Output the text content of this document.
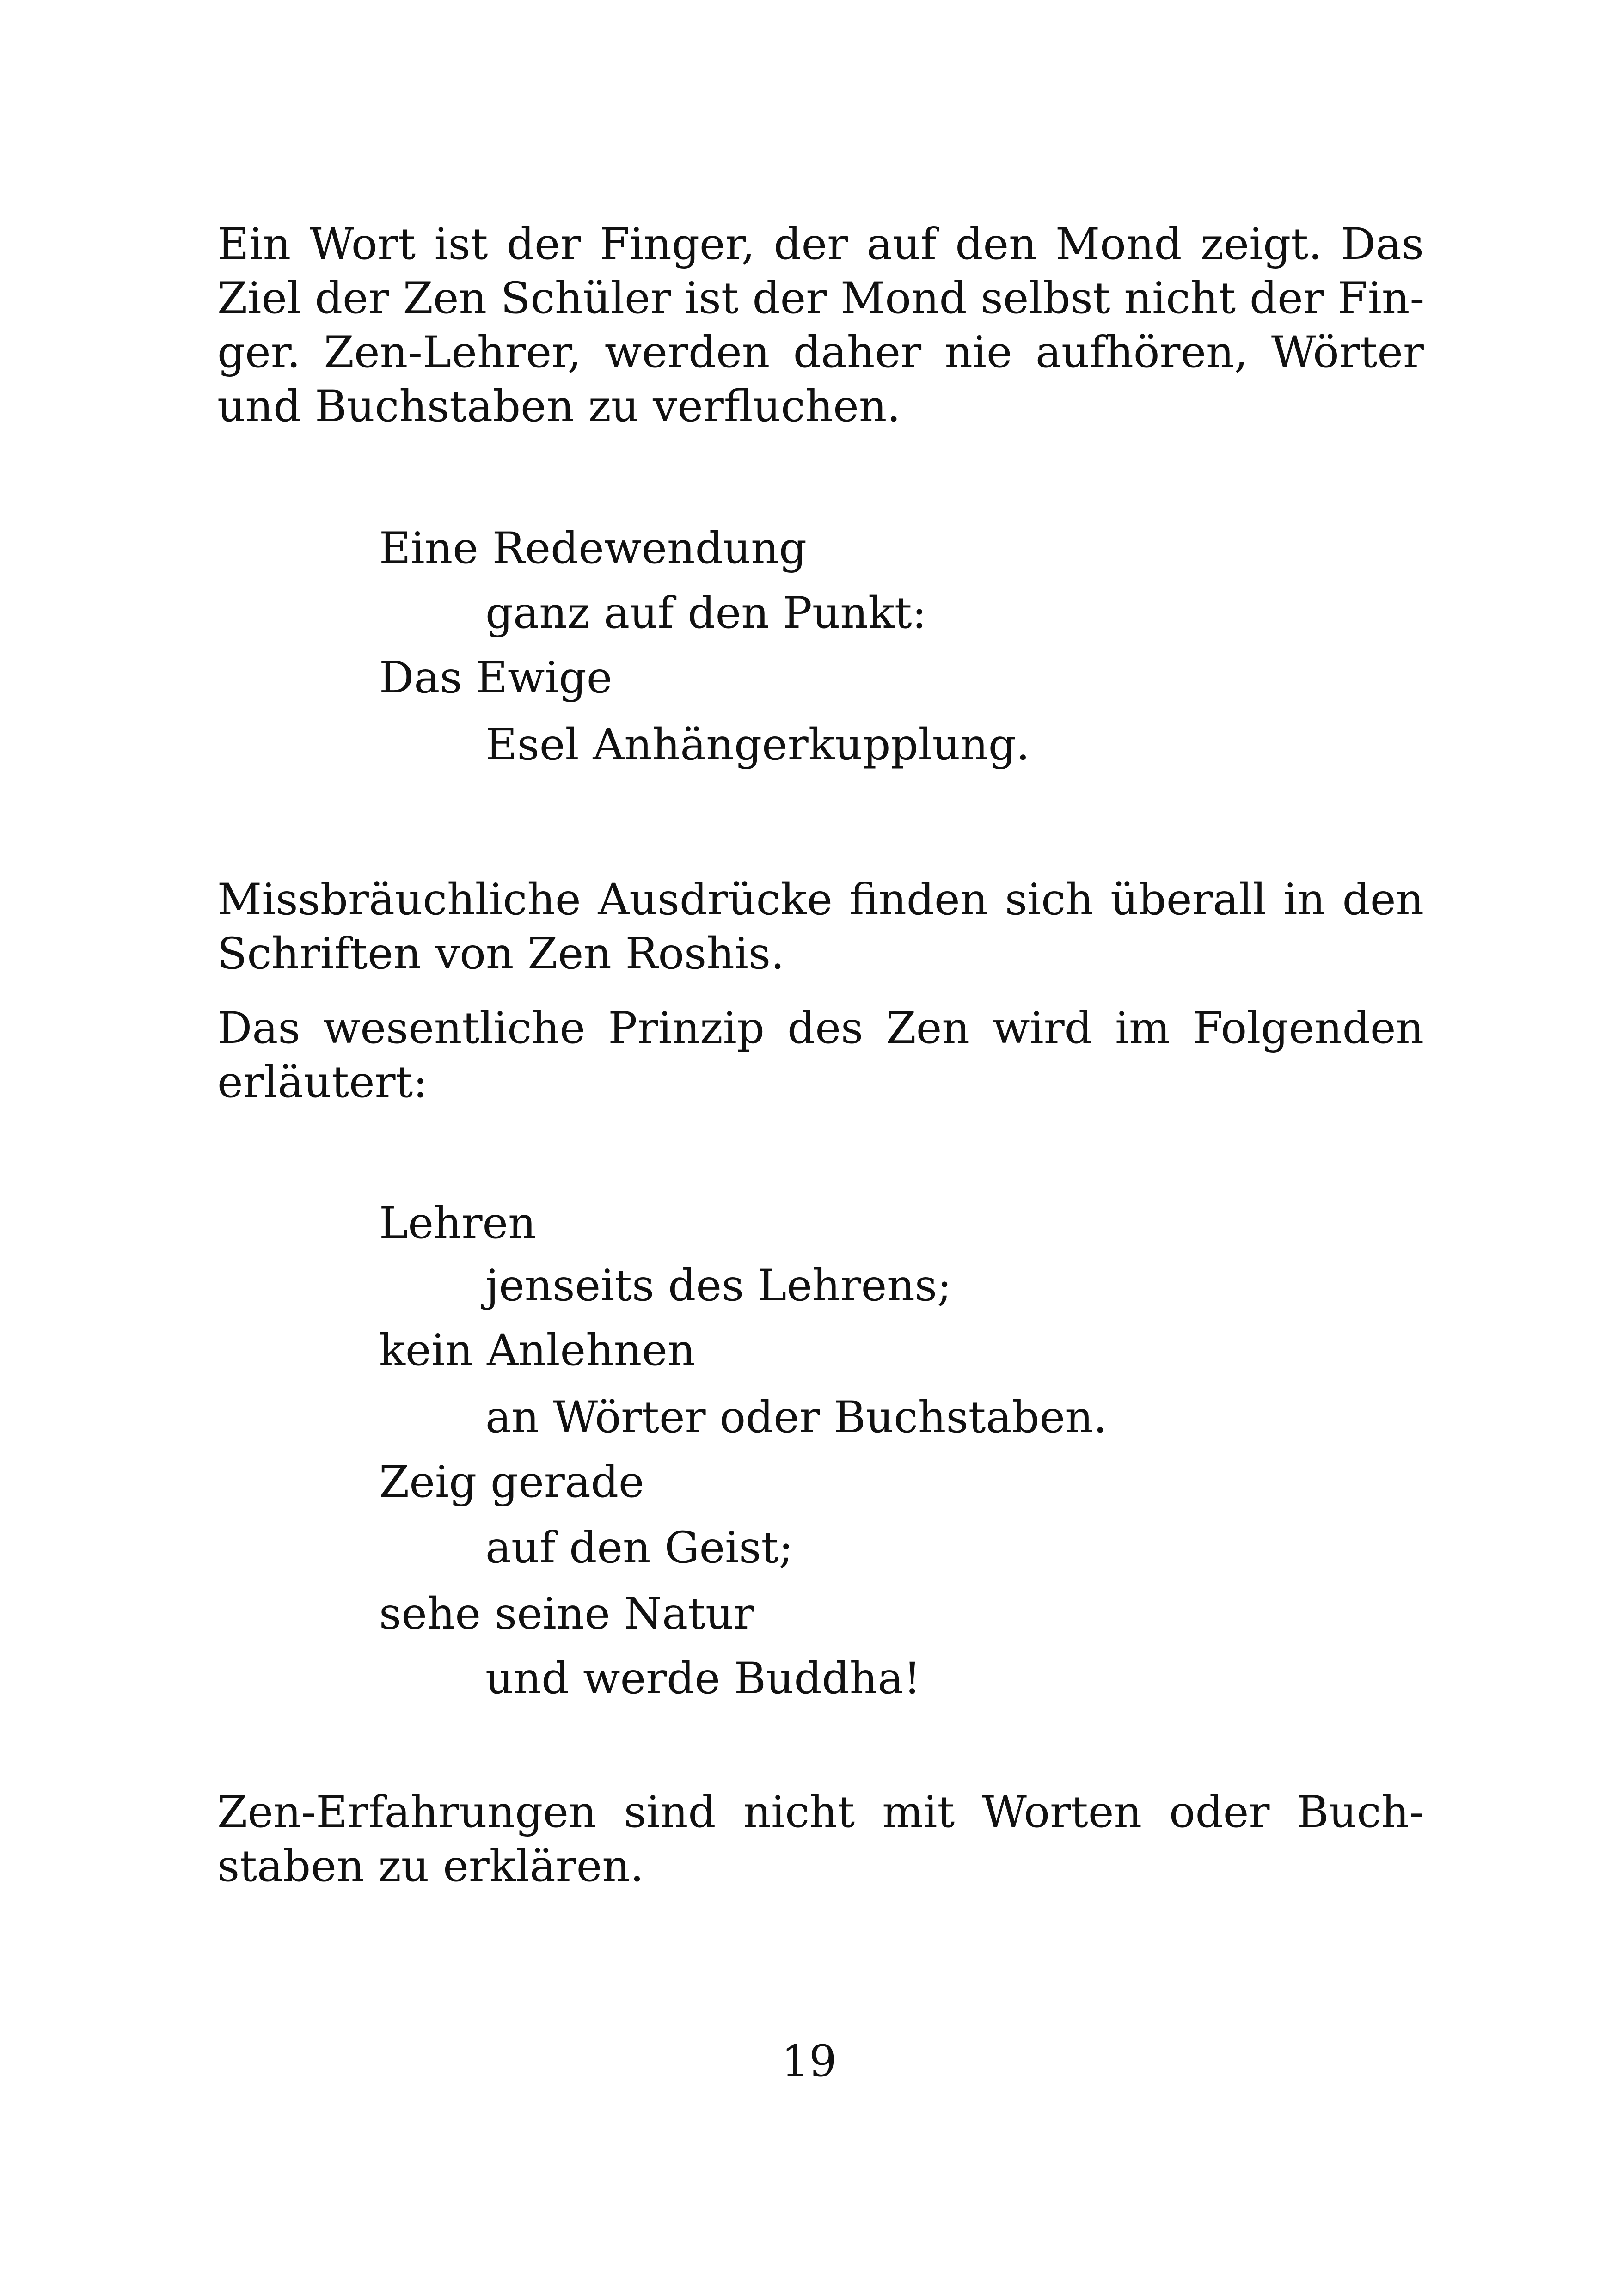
Ein Wort ist der Finger, der auf den Mond zeigt. Das
Ziel der Zen Schüler ist der Mond selbst nicht der Fin-
ger. Zen-Lehrer, werden daher nie aufhören, Wörter
und Buchstaben zu verfluchen.

Eine Redewendung
ganz auf den Punkt:
Das Ewige
Esel Anhängerkupplung.

Missbräuchliche Ausdrücke finden sich überall in den
Schriften von Zen Roshis.

Das wesentliche Prinzip des Zen wird im Folgenden
erläutert:

Lehren
jenseits des Lehrens;
kein Anlehnen
an Wörter oder Buchstaben.
Zeig gerade
auf den Geist;
sehe seine Natur
und werde Buddha!

Zen-Erfahrungen sind nicht mit Worten oder Buch-
staben zu erklären.

19
